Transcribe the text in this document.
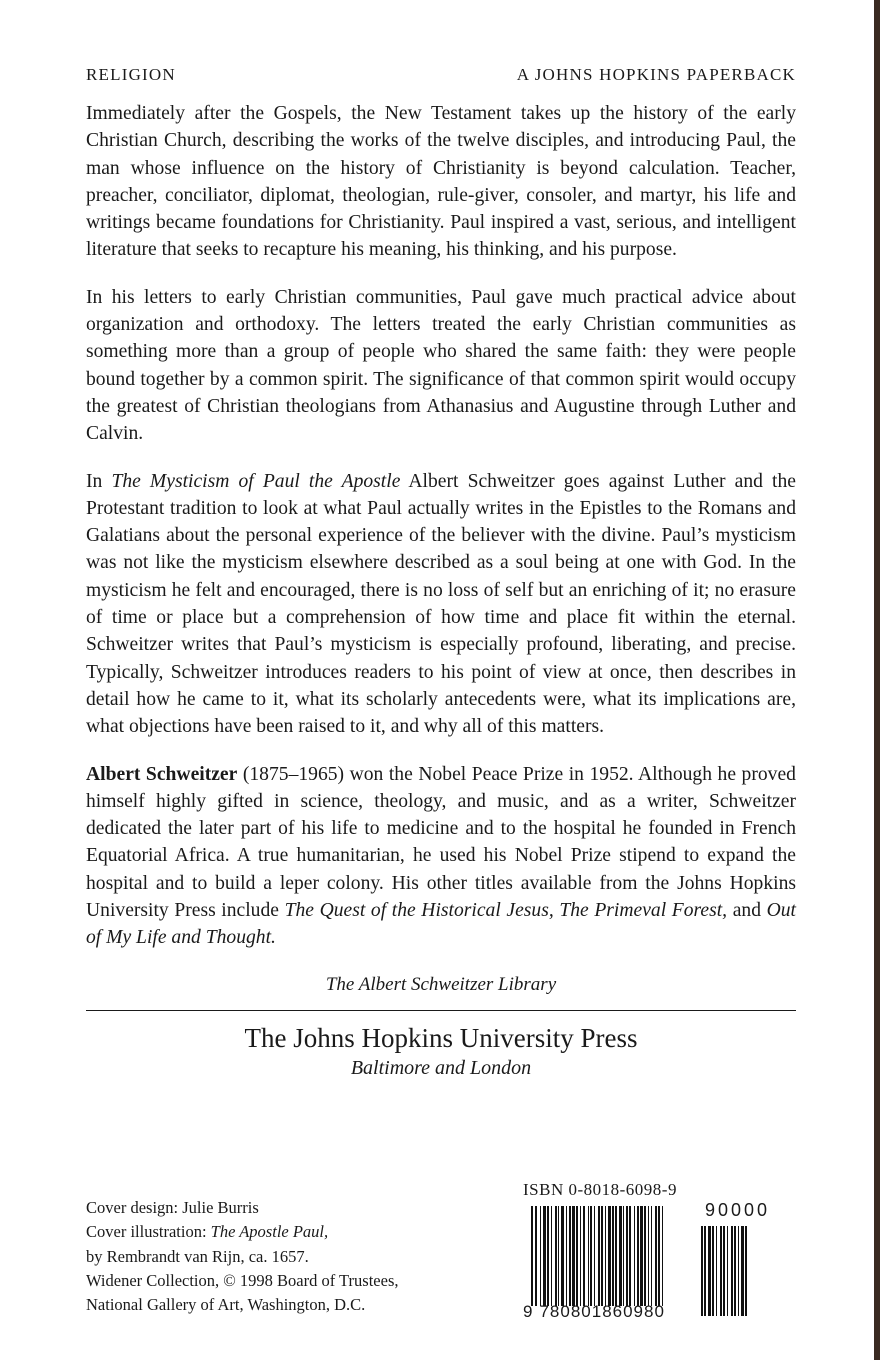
RELIGION	A JOHNS HOPKINS PAPERBACK

Immediately after the Gospels, the New Testament takes up the history of the early Christian Church, describing the works of the twelve disciples, and introducing Paul, the man whose influence on the history of Christianity is beyond calculation. Teacher, preacher, conciliator, diplomat, theologian, rule-giver, consoler, and martyr, his life and writings became foundations for Christianity. Paul inspired a vast, serious, and intelligent literature that seeks to recapture his meaning, his thinking, and his purpose.

In his letters to early Christian communities, Paul gave much practical advice about organization and orthodoxy. The letters treated the early Christian communities as something more than a group of people who shared the same faith: they were people bound together by a common spirit. The significance of that common spirit would occupy the greatest of Christian theologians from Athanasius and Augustine through Luther and Calvin.

In The Mysticism of Paul the Apostle Albert Schweitzer goes against Luther and the Protestant tradition to look at what Paul actually writes in the Epistles to the Romans and Galatians about the personal experience of the believer with the divine. Paul’s mysticism was not like the mysticism elsewhere described as a soul being at one with God. In the mysticism he felt and encouraged, there is no loss of self but an enriching of it; no erasure of time or place but a comprehension of how time and place fit within the eternal. Schweitzer writes that Paul’s mysticism is especially profound, liberating, and precise. Typically, Schweitzer introduces readers to his point of view at once, then describes in detail how he came to it, what its scholarly antecedents were, what its implications are, what objections have been raised to it, and why all of this matters.

Albert Schweitzer (1875–1965) won the Nobel Peace Prize in 1952. Although he proved himself highly gifted in science, theology, and music, and as a writer, Schweitzer dedicated the later part of his life to medicine and to the hospital he founded in French Equatorial Africa. A true humanitarian, he used his Nobel Prize stipend to expand the hospital and to build a leper colony. His other titles available from the Johns Hopkins University Press include The Quest of the Historical Jesus, The Primeval Forest, and Out of My Life and Thought.

The Albert Schweitzer Library
The Johns Hopkins University Press
Baltimore and London
Cover design: Julie Burris
Cover illustration: The Apostle Paul,
by Rembrandt van Rijn, ca. 1657.
Widener Collection, © 1998 Board of Trustees,
National Gallery of Art, Washington, D.C.
ISBN 0-8018-6098-9
90000
9 780801860980
